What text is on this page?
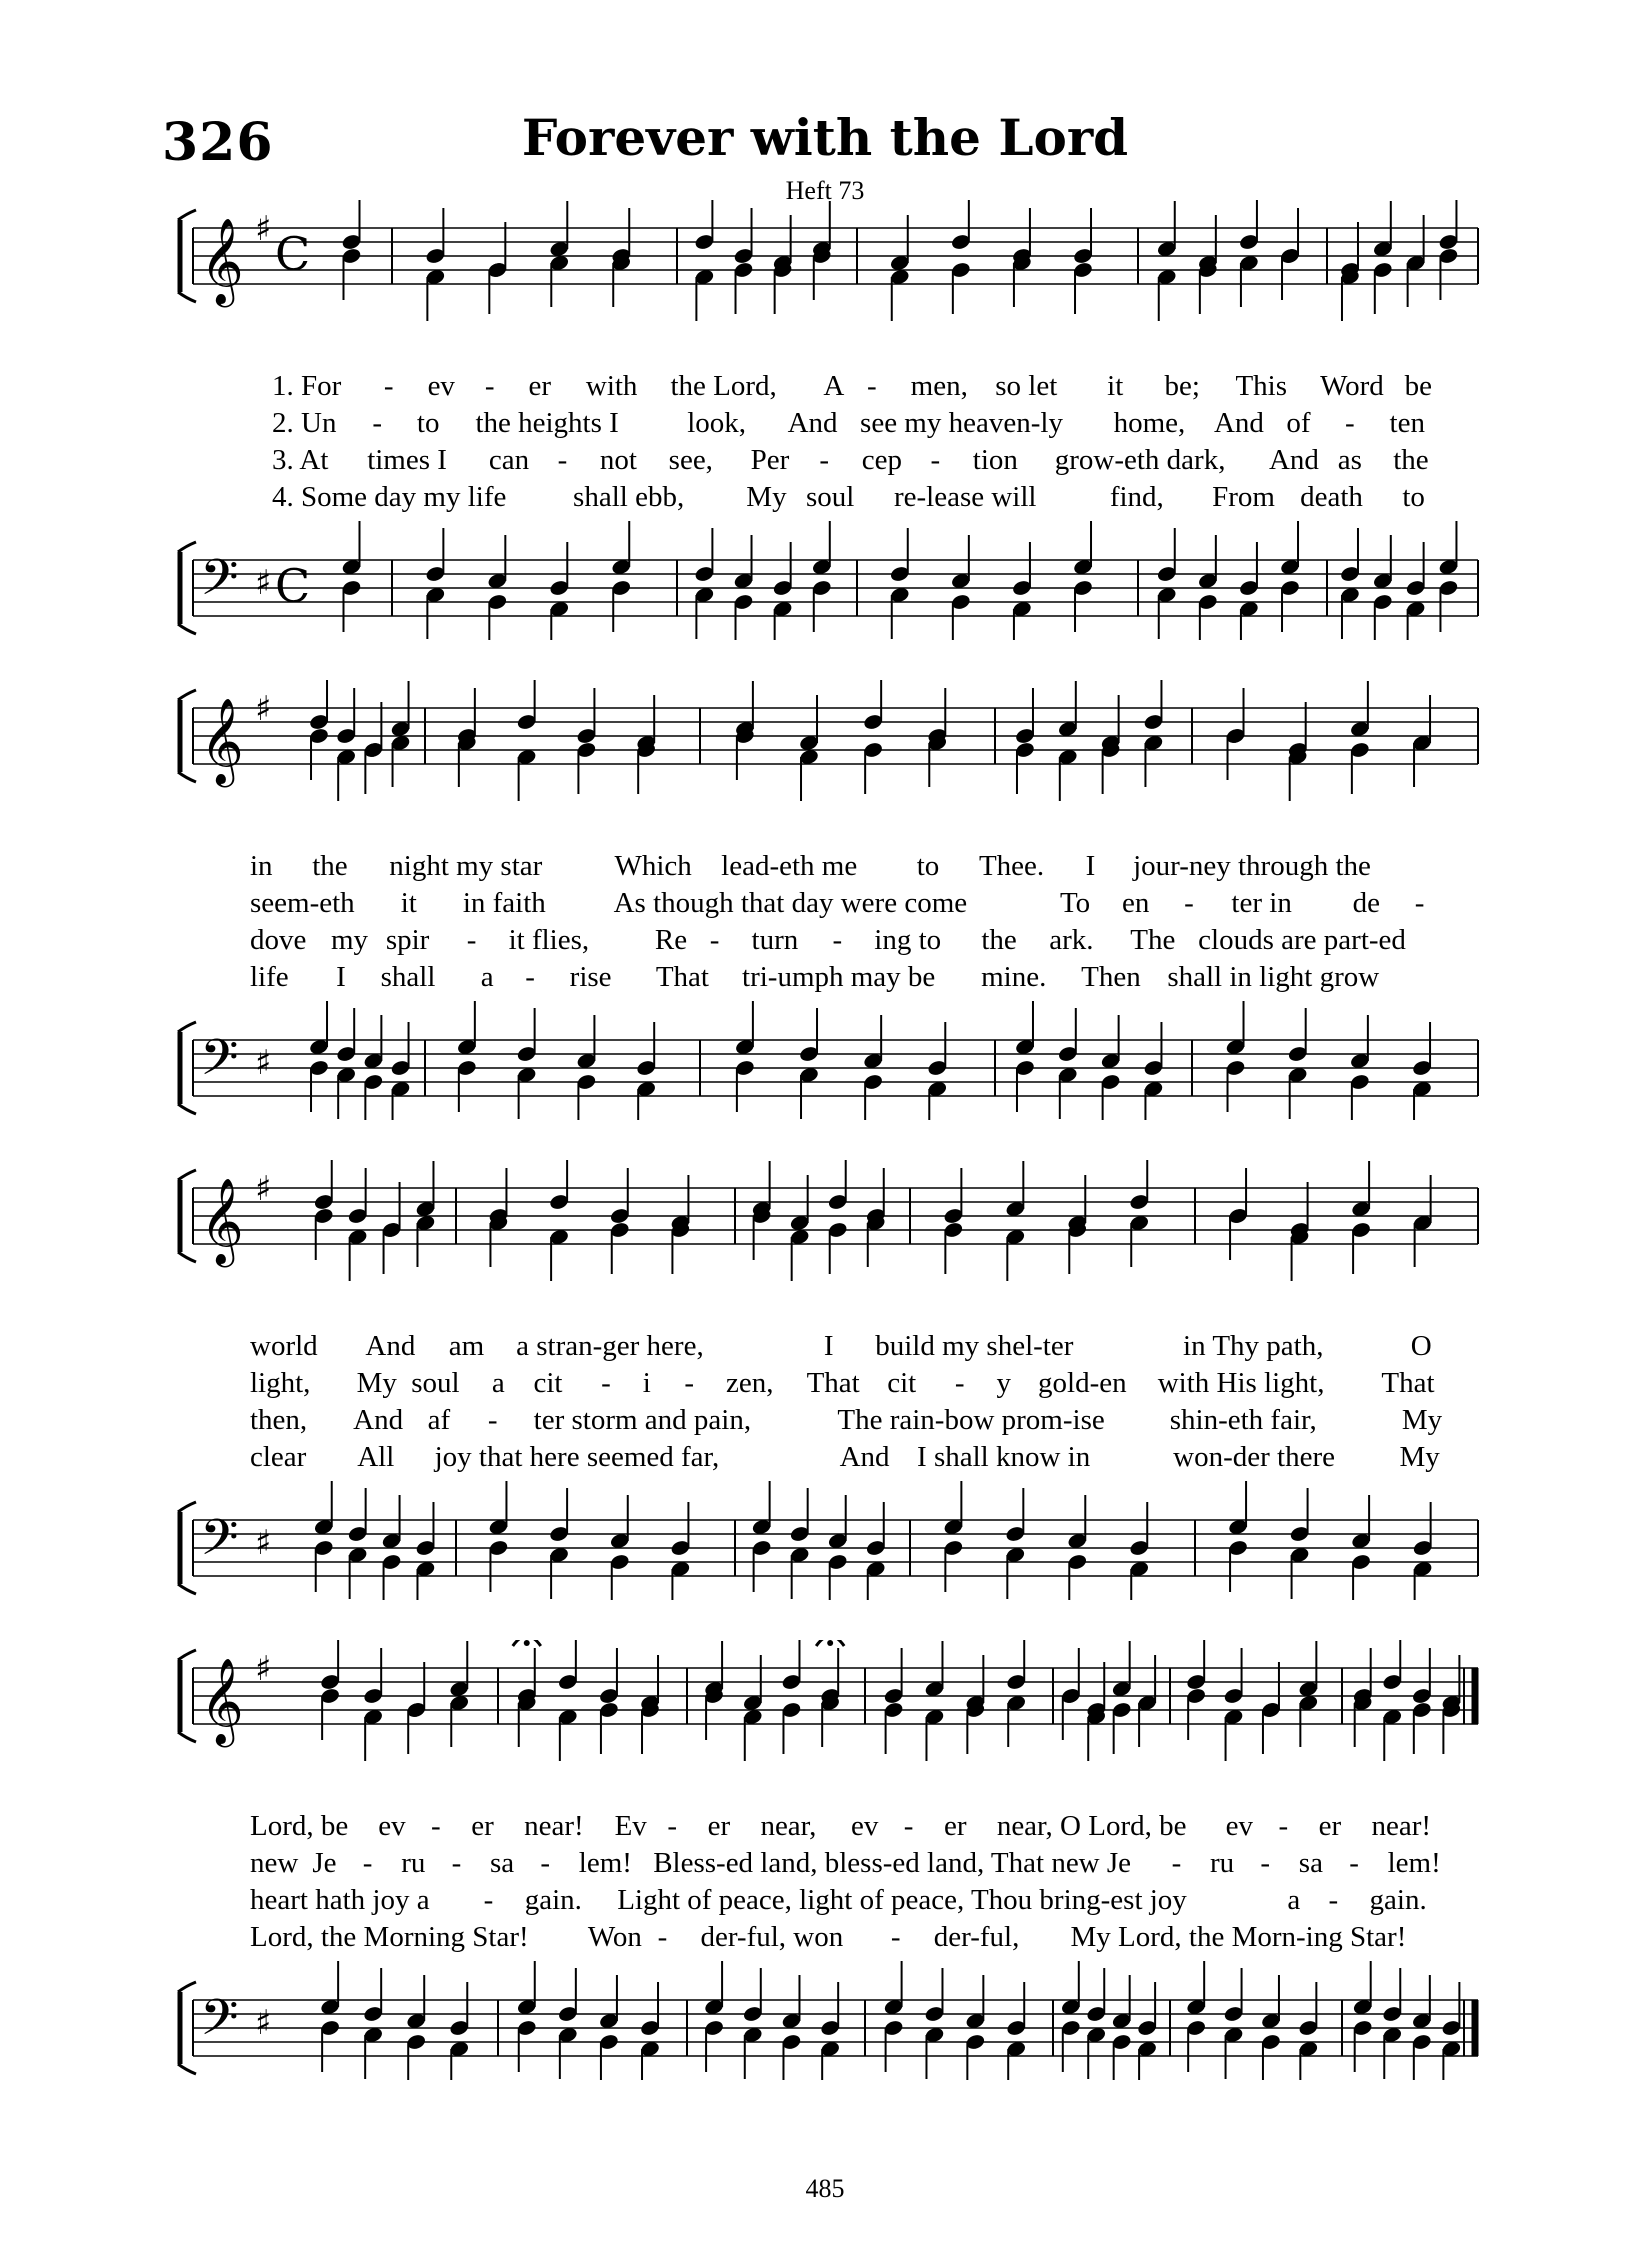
326	Forever with the Lord
Heft 73
𝄞
𝄢
♯
♯
C
C
1. For - ev - er with the Lord, A - men, so let it be; This Word be
2. Un - to the heights I look, And see my heaven-ly home, And of - ten
3. At times I can - not see, Per - cep - tion grow-eth dark, And as the
4. Some day my life shall ebb, My soul re-lease will	find, From death to
𝄞
𝄢
♯
♯
in the night my star Which lead-eth me to Thee. I jour-ney through the
seem-eth it in faith As though that day were come	To en - ter in de -
dove my spir - it flies, Re - turn - ing to the ark. The clouds are part-ed
life I shall a - rise That tri-umph may be mine. Then shall in light grow
𝄞
𝄢
♯
♯
world And am a stran-ger here,	I build my shel-ter	in Thy path,	O
light, My soul a cit - i - zen, That cit - y gold-en with His light, That
then, And af - ter storm and pain,	The rain-bow prom-ise shin-eth fair,	My
clear All joy that here seemed far,	And I shall know in	won-der there My
𝄞
𝄢
♯
♯
Lord, be ev - er near! Ev - er near, ev - er near, O Lord, be ev - er near!
new Je - ru - sa - lem! Bless-ed land, bless-ed land, That new Je - ru - sa - lem!
heart hath joy a - gain. Light of peace, light of peace, Thou bring-est joy	a - gain.
Lord, the Morning Star! Won - der-ful, won - der-ful, My Lord, the Morn-ing Star!
485
